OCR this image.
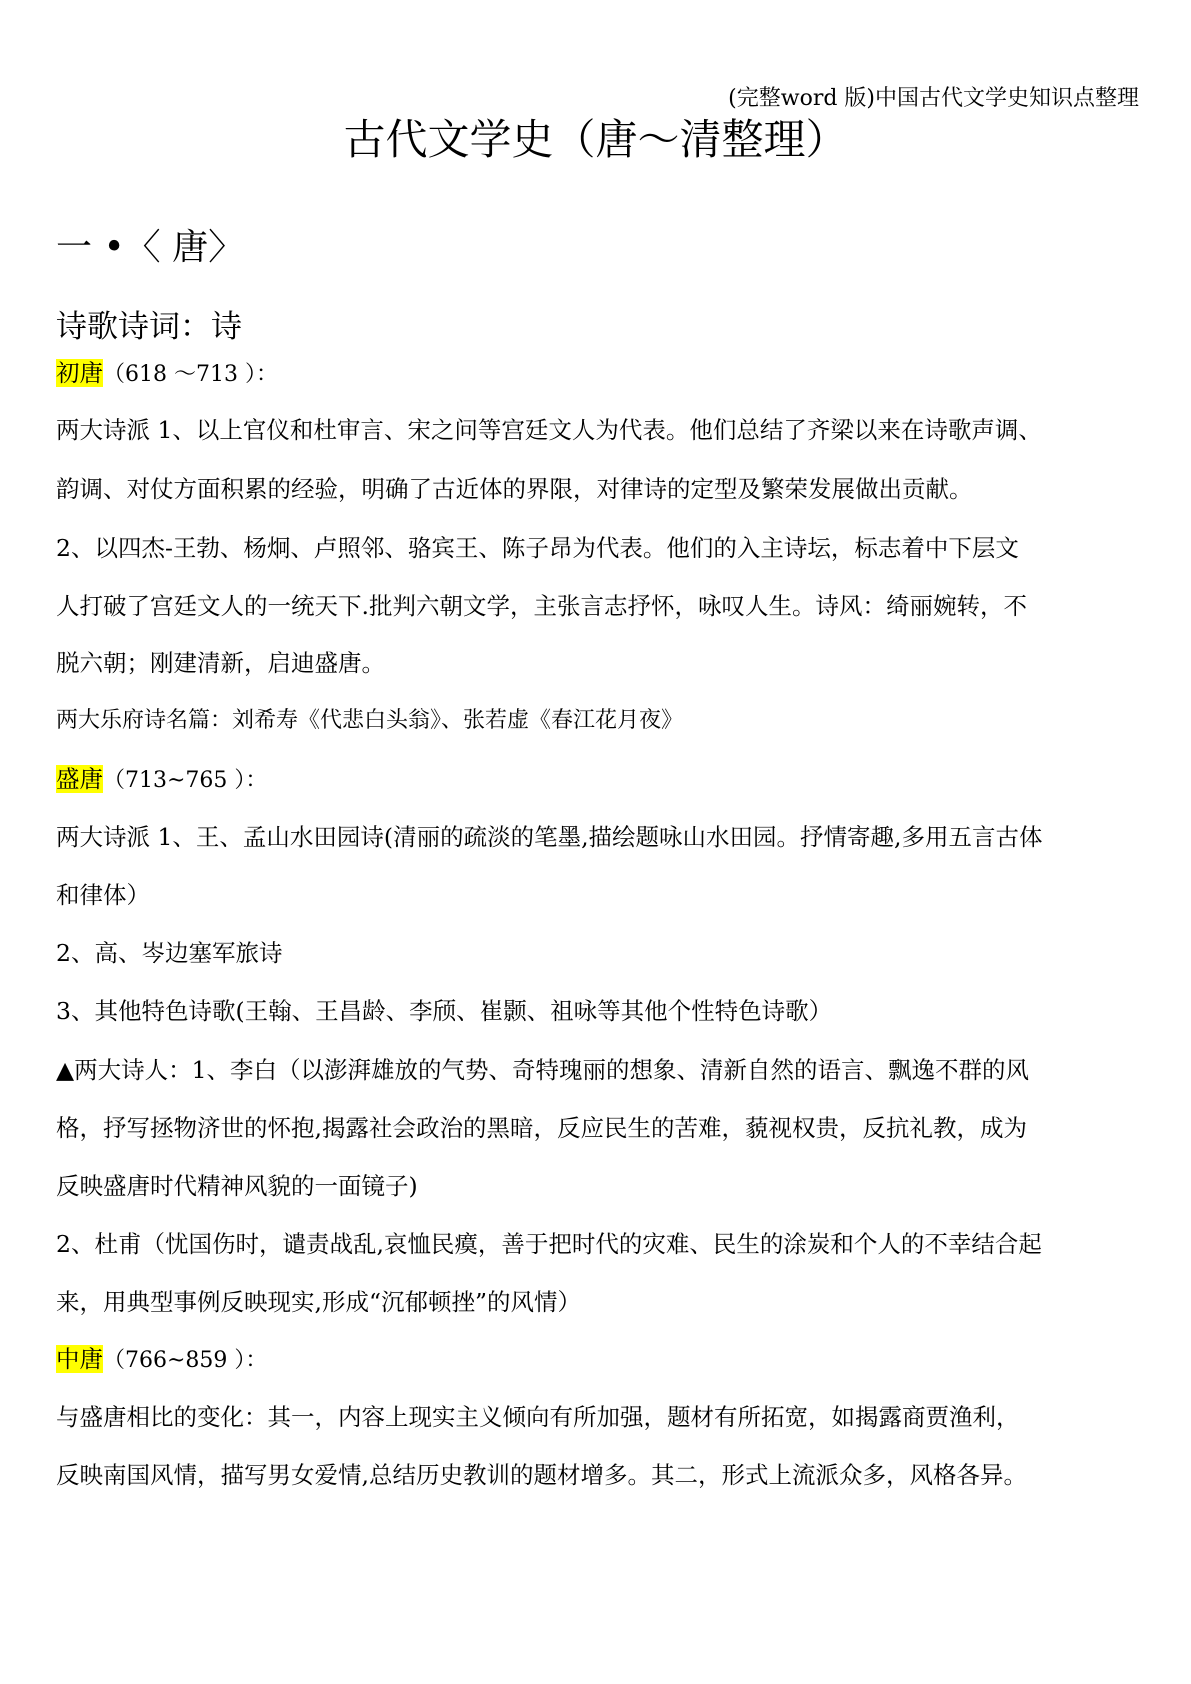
(完整word 版)中国古代文学史知识点整理
古代文学史（唐～清整理）
一 •〈 唐〉
诗歌诗词：诗
初唐（618 ～713 ）：
两大诗派 1、以上官仪和杜审言、宋之问等宫廷文人为代表。他们总结了齐梁以来在诗歌声调、
韵调、对仗方面积累的经验，明确了古近体的界限，对律诗的定型及繁荣发展做出贡献。
2、以四杰-王勃、杨炯、卢照邻、骆宾王、陈子昂为代表。他们的入主诗坛，标志着中下层文
人打破了宫廷文人的一统天下.批判六朝文学，主张言志抒怀，咏叹人生。诗风：绮丽婉转，不
脱六朝；刚建清新，启迪盛唐。
两大乐府诗名篇：刘希寿《代悲白头翁》、张若虚《春江花月夜》
盛唐（713~765 ）：
两大诗派 1、王、孟山水田园诗(清丽的疏淡的笔墨,描绘题咏山水田园。抒情寄趣,多用五言古体
和律体）
2、高、岑边塞军旅诗
3、其他特色诗歌(王翰、王昌龄、李颀、崔颢、祖咏等其他个性特色诗歌）
▲两大诗人：1、李白（以澎湃雄放的气势、奇特瑰丽的想象、清新自然的语言、飘逸不群的风
格，抒写拯物济世的怀抱,揭露社会政治的黑暗，反应民生的苦难，藐视权贵，反抗礼教，成为
反映盛唐时代精神风貌的一面镜子)
2、杜甫（忧国伤时，谴责战乱,哀恤民瘼，善于把时代的灾难、民生的涂炭和个人的不幸结合起
来，用典型事例反映现实,形成“沉郁顿挫”的风情）
中唐（766~859 ）：
与盛唐相比的变化：其一，内容上现实主义倾向有所加强，题材有所拓宽，如揭露商贾渔利，
反映南国风情，描写男女爱情,总结历史教训的题材增多。其二，形式上流派众多，风格各异。
